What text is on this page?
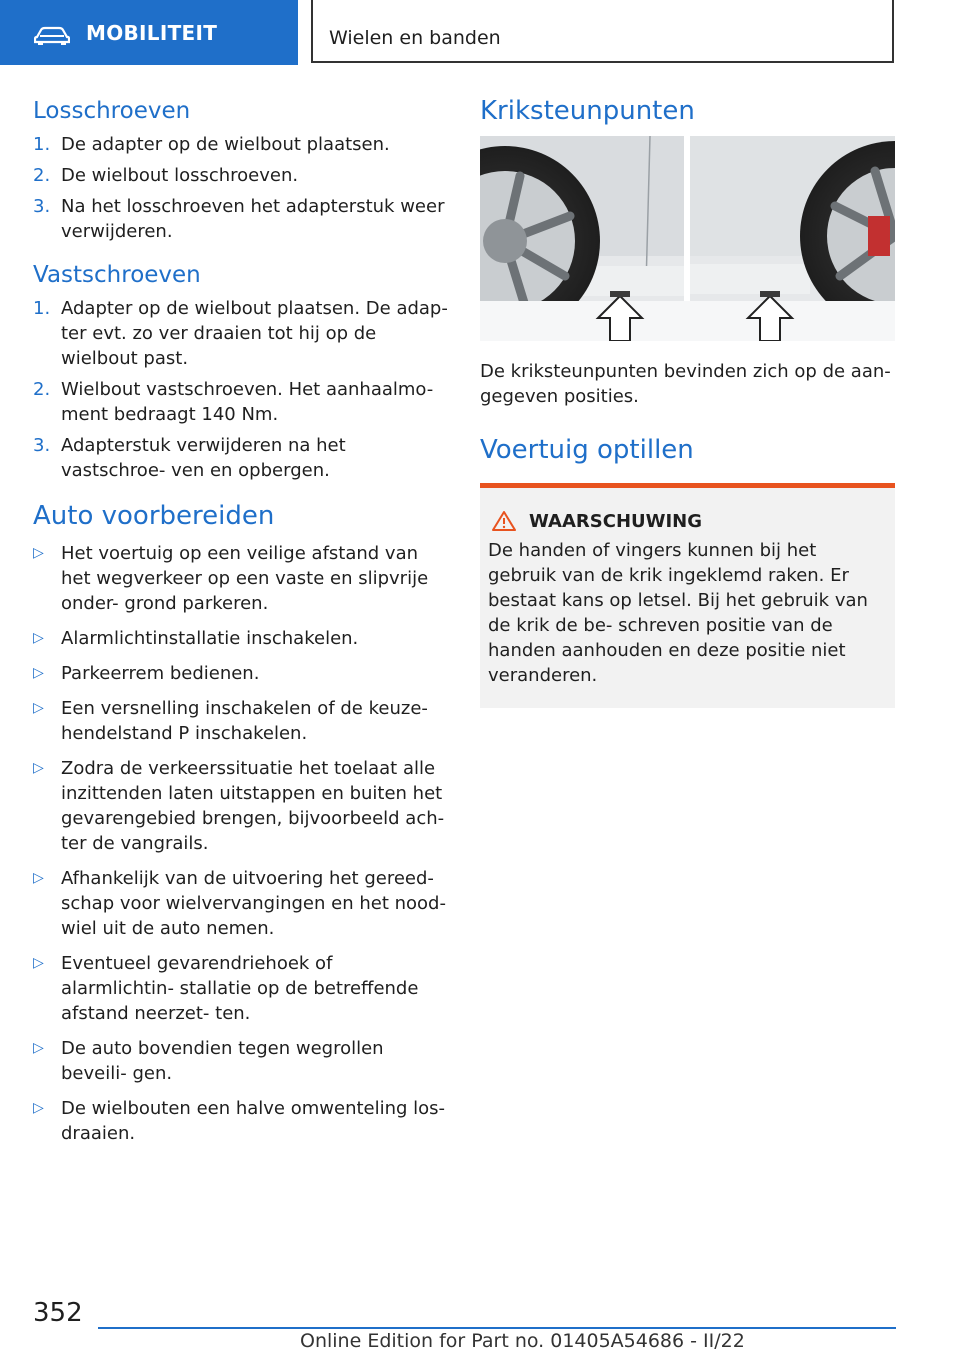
MOBILITEIT	Wielen en banden
Losschroeven
1. De adapter op de wielbout plaatsen.
2. De wielbout losschroeven.
3. Na het losschroeven het adapterstuk weer verwijderen.
Vastschroeven
1. Adapter op de wielbout plaatsen. De adap- ter evt. zo ver draaien tot hij op de wielbout past.
2. Wielbout vastschroeven. Het aanhaalmo- ment bedraagt 140 Nm.
3. Adapterstuk verwijderen na het vastschroe- ven en opbergen.
Auto voorbereiden
▷ Het voertuig op een veilige afstand van het wegverkeer op een vaste en slipvrije onder- grond parkeren.
▷ Alarmlichtinstallatie inschakelen.
▷ Parkeerrem bedienen.
▷ Een versnelling inschakelen of de keuze- hendelstand P inschakelen.
▷ Zodra de verkeerssituatie het toelaat alle inzittenden laten uitstappen en buiten het gevarengebied brengen, bijvoorbeeld ach- ter de vangrails.
▷ Afhankelijk van de uitvoering het gereed- schap voor wielvervangingen en het nood- wiel uit de auto nemen.
▷ Eventueel gevarendriehoek of alarmlichtin- stallatie op de betreffende afstand neerzet- ten.
▷ De auto bovendien tegen wegrollen beveili- gen.
▷ De wielbouten een halve omwenteling los- draaien.
Kriksteunpunten

De kriksteunpunten bevinden zich op de aan- gegeven posities.

Voertuig optillen
WAARSCHUWING
De handen of vingers kunnen bij het gebruik van de krik ingeklemd raken. Er bestaat kans op letsel. Bij het gebruik van de krik de be- schreven positie van de handen aanhouden en deze positie niet veranderen.
352
Online Edition for Part no. 01405A54686 - II/22
